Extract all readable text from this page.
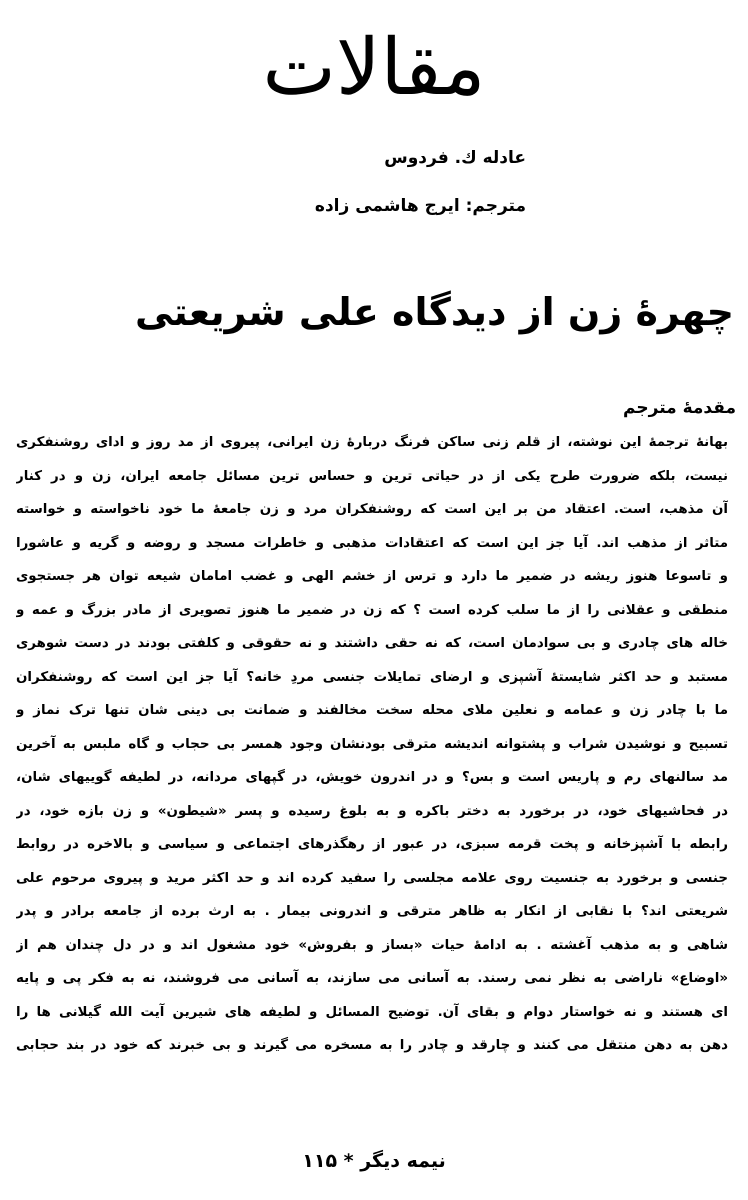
مقالات
عادله ك. فردوس
مترجم: ایرج هاشمی زاده
چهرهٔ زن از دیدگاه علی شریعتی
مقدمهٔ مترجم
بهانهٔ ترجمهٔ این نوشته، از قلم زنی ساکن فرنگ دربارهٔ زن ایرانی، پیروی از مد روز و ادای روشنفکری
نیست، بلکه ضرورت طرح یکی از در حیاتی ترین و حساس ترین مسائل جامعه ایران، زن و در کنار
آن مذهب، است. اعتقاد من بر این است که روشنفکران مرد و زن جامعهٔ ما خود ناخواسته و خواسته
متاثر از مذهب اند. آیا جز این است که اعتقادات مذهبی و خاطرات مسجد و روضه و گریه و عاشورا
و تاسوعا هنوز ریشه در ضمیر ما دارد و ترس از خشم الهی و غضب امامان شیعه توان هر جستجوی
منطقی و عقلانی را از ما سلب کرده است ؟ که زن در ضمیر ما هنوز تصویری از مادر بزرگ و عمه و
خاله های چادری و بی سوادمان است، که نه حقی داشتند و نه حقوقی و کلفتی بودند در دست شوهری
مستبد و حد اکثر شایستهٔ آشپزی و ارضای تمایلات جنسی مردِ خانه؟ آیا جز این است که روشنفکران
ما با چادر زن و عمامه و نعلین ملای محله سخت مخالفند و ضمانت بی دینی شان تنها ترک نماز و
تسبیح و نوشیدن شراب و پشتوانه اندیشه مترقی بودنشان وجود همسر بی حجاب و گاه ملبس به آخرین
مد سالنهای رم و پاریس است و بس؟ و در اندرون خویش، در گپهای مردانه، در لطیفه گوییهای شان،
در فحاشیهای خود، در برخورد به دختر باکره و به بلوغ رسیده و پسر «شیطون» و زن بازه خود، در
رابطه با آشپزخانه و پخت قرمه سبزی، در عبور از رهگذرهای اجتماعی و سیاسی و بالاخره در روابط
جنسی و برخورد به جنسیت روی علامه مجلسی را سفید کرده اند و حد اکثر مرید و پیروی مرحوم علی
شریعتی اند؟ با نقابی از انکار به ظاهر مترقی و اندرونی بیمار . به ارث برده از جامعه برادر و پدر
شاهی و به مذهب آغشته . به ادامهٔ حیات «بساز و بفروش» خود مشغول اند و در دل چندان هم از
«اوضاع» ناراضی به نظر نمی رسند. به آسانی می سازند، به آسانی می فروشند، نه به فکر پی و پایه
ای هستند و نه خواستار دوام و بقای آن. توضیح المسائل و لطیفه های شیرین آیت الله گیلانی ها را
دهن به دهن منتقل می کنند و چارقد و چادر را به مسخره می گیرند و بی خبرند که خود در بند حجابی
نیمه دیگر * ۱۱۵
